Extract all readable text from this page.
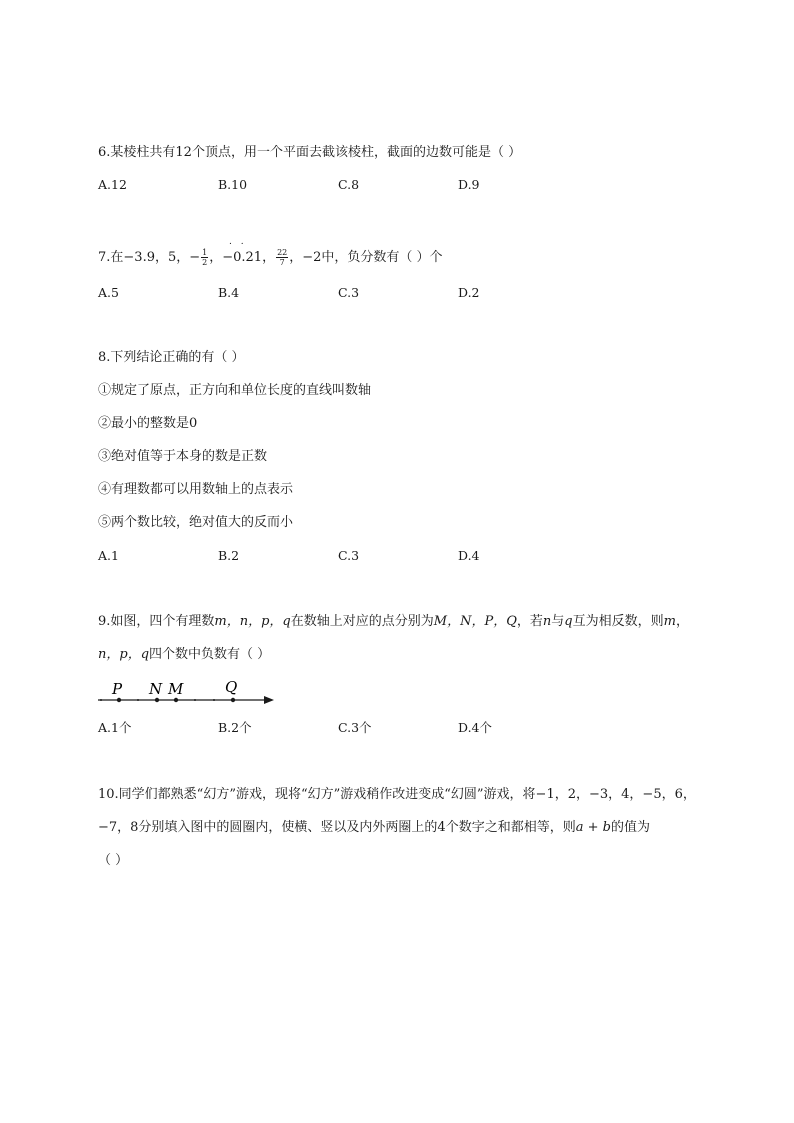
6.某棱柱共有12个顶点，用一个平面去截该棱柱，截面的边数可能是（ ）
A.12	B.10	C.8	D.9
. .
7.在−3.9，5，− $\frac{1}{2}$ ，−0.21， $\frac{22}{7}$ ，−2中，负分数有（ ）个
A.5	B.4	C.3	D.2
8.下列结论正确的有（ ）
①规定了原点，正方向和单位长度的直线叫数轴
②最小的整数是0
③绝对值等于本身的数是正数
④有理数都可以用数轴上的点表示
⑤两个数比较，绝对值大的反而小
A.1	B.2	C.3	D.4
9.如图，四个有理数m，n，p，q在数轴上对应的点分别为M，N，P，Q，若n与q互为相反数，则m，
n，p，q四个数中负数有（ ）
P N M	Q
A.1个	B.2个	C.3个	D.4个
10.同学们都熟悉“幻方”游戏，现将“幻方”游戏稍作改进变成“幻圆”游戏，将−1，2，−3，4，−5，6，
−7，8分别填入图中的圆圈内，使横、竖以及内外两圈上的4个数字之和都相等，则a + b的值为
（ ）
